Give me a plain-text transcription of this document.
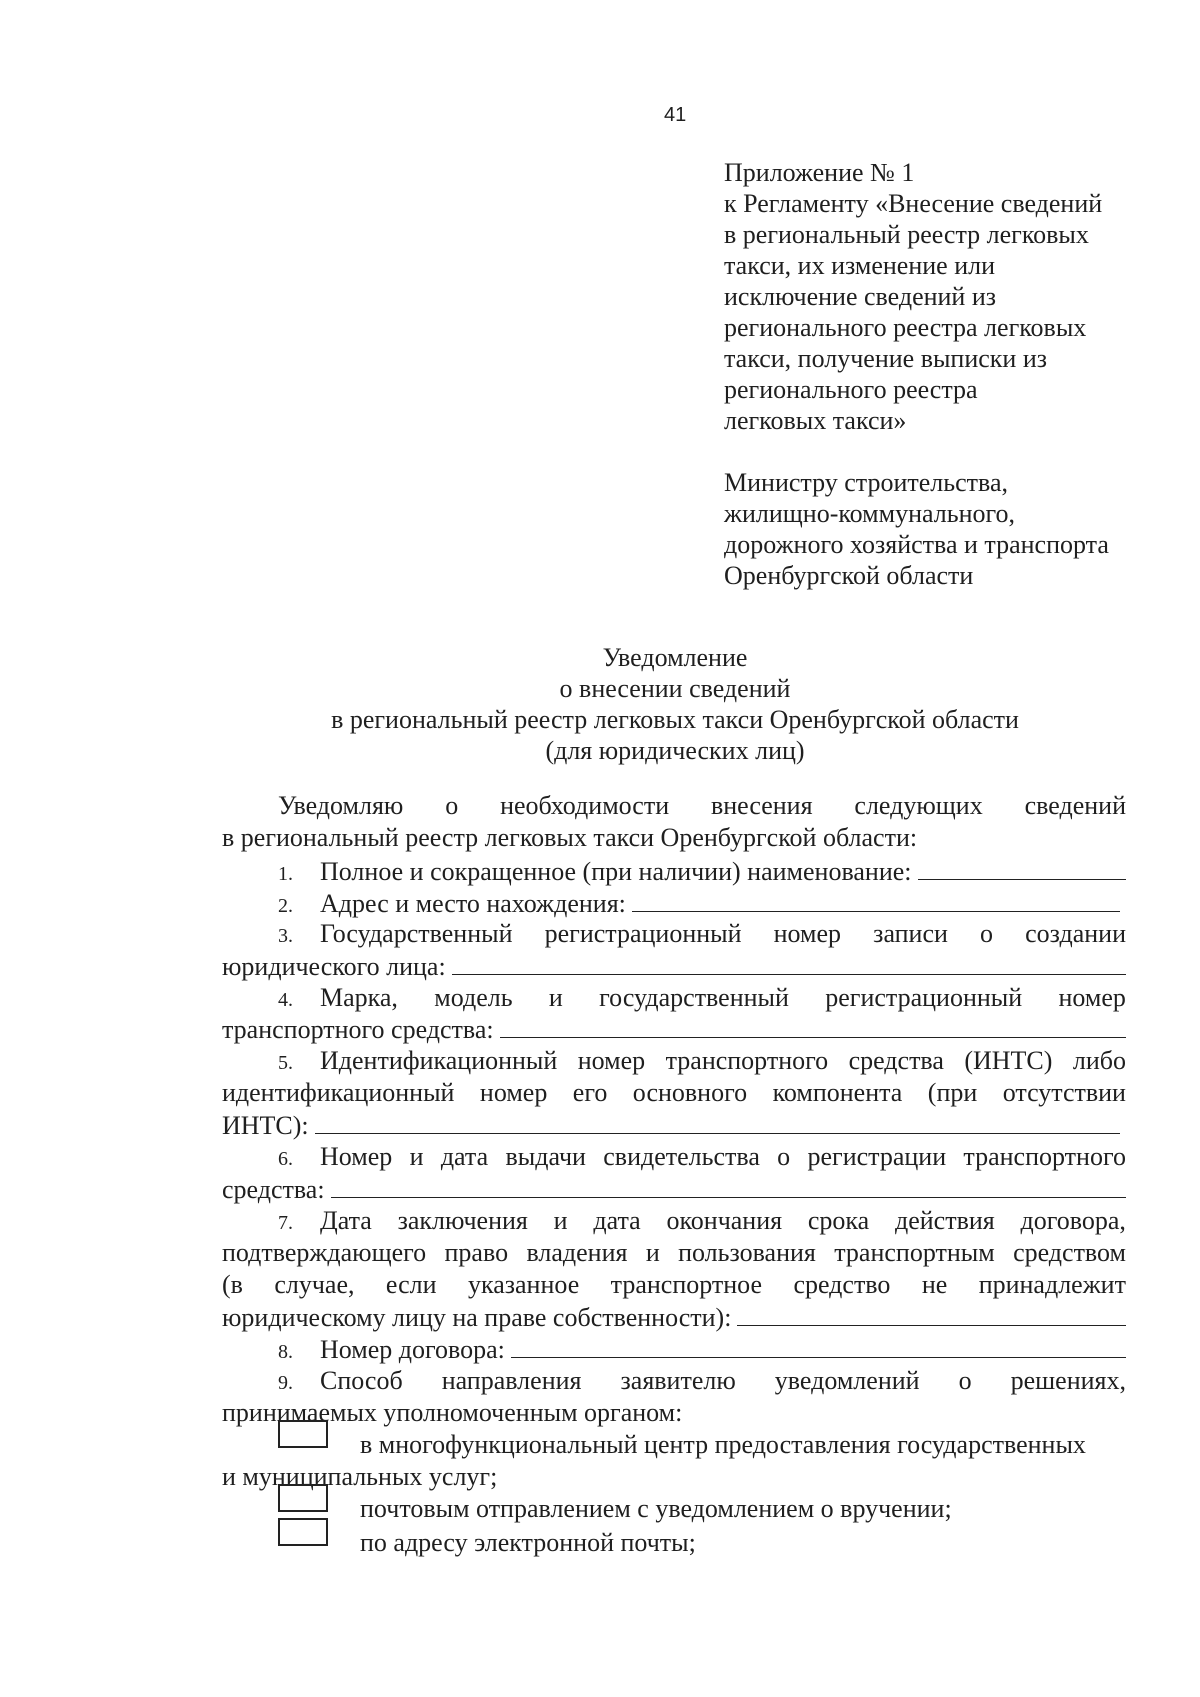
41
Приложение № 1
к Регламенту «Внесение сведений
в региональный реестр легковых
такси, их изменение или
исключение сведений из
регионального реестра легковых
такси, получение выписки из
регионального реестра
легковых такси»
Министру строительства,
жилищно-коммунального,
дорожного хозяйства и транспорта
Оренбургской области
Уведомление
о внесении сведений
в региональный реестр легковых такси Оренбургской области
(для юридических лиц)
Уведомляю о необходимости внесения следующих сведений
в региональный реестр легковых такси Оренбургской области:
1.	Полное и сокращенное (при наличии) наименование:
2.	Адрес и место нахождения:
3. Государственный регистрационный номер записи о создании
юридического лица:
4. Марка, модель и государственный регистрационный номер
транспортного средства:
5. Идентификационный номер транспортного средства (ИНТС) либо
идентификационный номер его основного компонента (при отсутствии
ИНТС):
6. Номер и дата выдачи свидетельства о регистрации транспортного
средства:
7. Дата заключения и дата окончания срока действия договора,
подтверждающего право владения и пользования транспортным средством
(в случае, если указанное транспортное средство не принадлежит
юридическому лицу на праве собственности):
8.	Номер договора:
9. Способ направления заявителю уведомлений о решениях,
принимаемых уполномоченным органом:
в многофункциональный центр предоставления государственных
и муниципальных услуг;
почтовым отправлением с уведомлением о вручении;
по адресу электронной почты;
